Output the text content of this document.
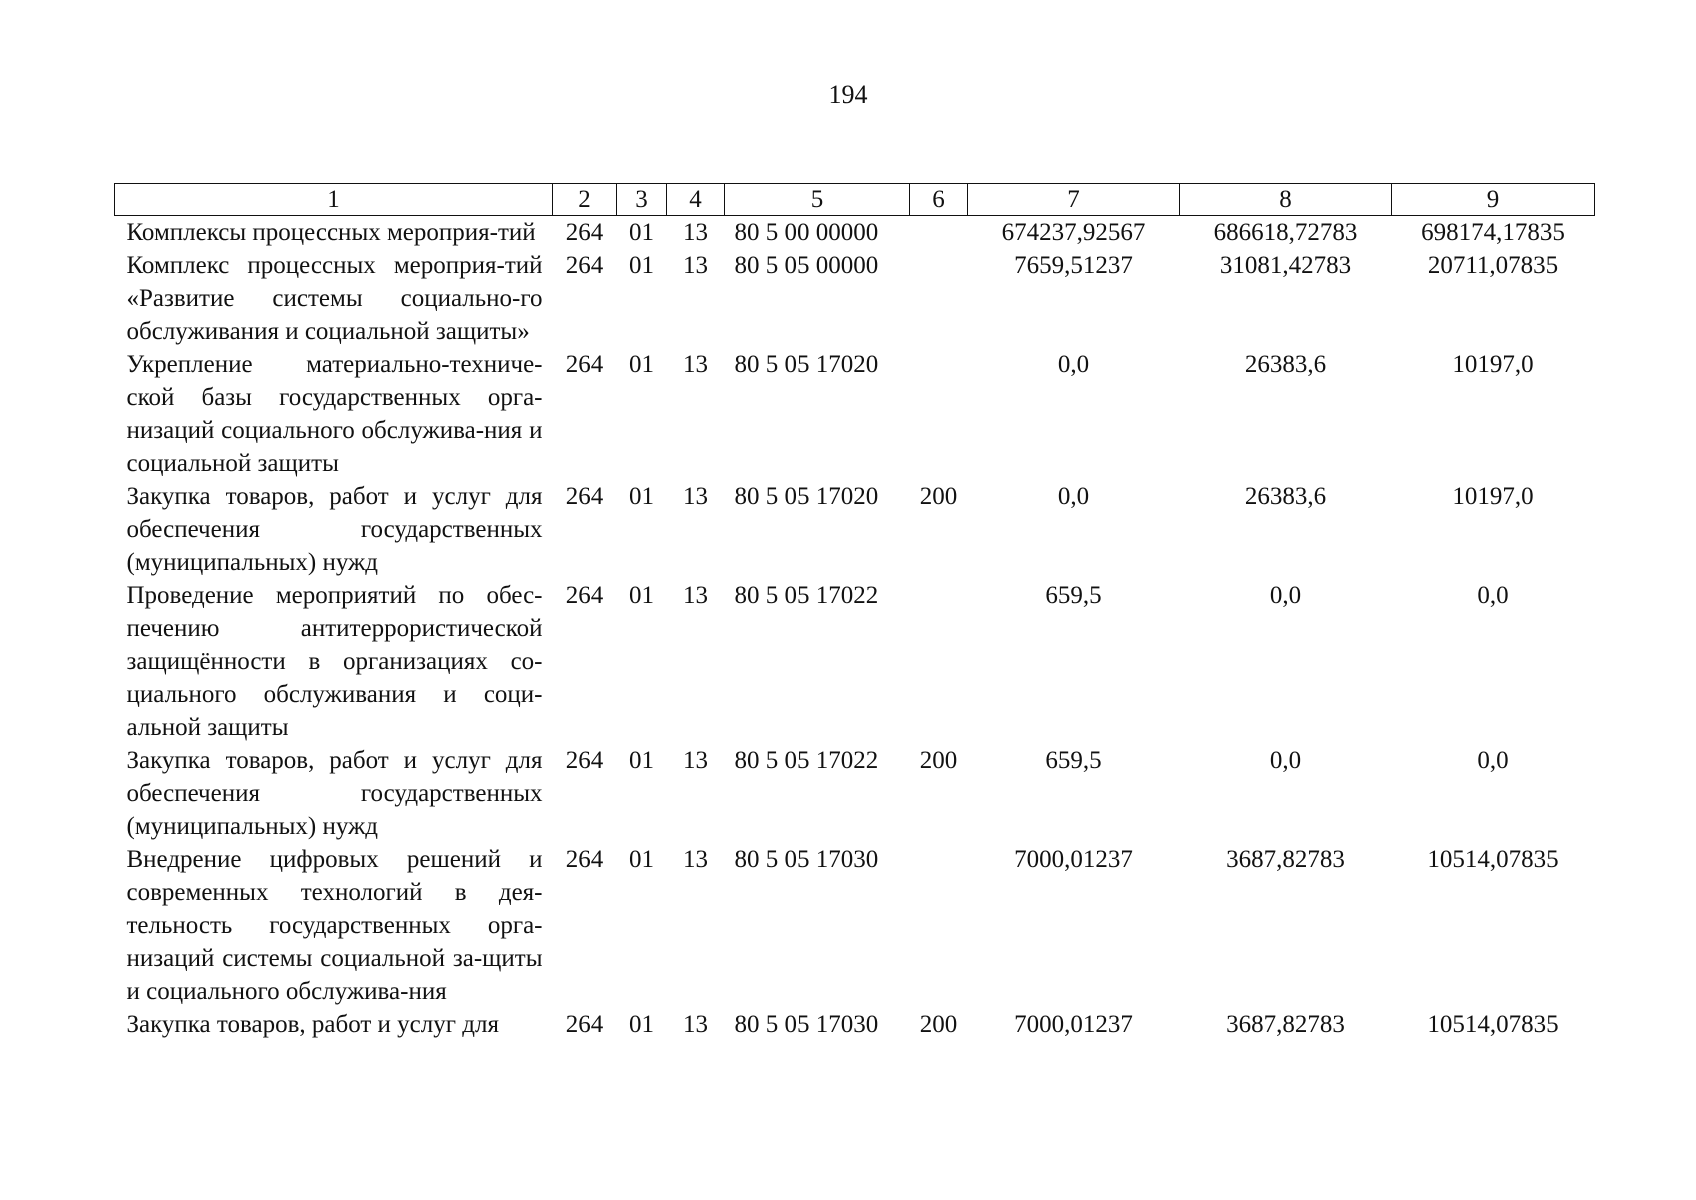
194
1	2	3	4	5	6	7	8	9
Комплексы процессных мероприя-тий	264	01	13	80 5 00 00000		674237,92567	686618,72783	698174,17835
Комплекс процессных мероприя-тий «Развитие системы социально-го обслуживания и социальной защиты»	264	01	13	80 5 05 00000		7659,51237	31081,42783	20711,07835
Укрепление материально-техниче-ской базы государственных орга-низаций социального обслужива-ния и социальной защиты	264	01	13	80 5 05 17020		0,0	26383,6	10197,0
Закупка товаров, работ и услуг для обеспечения государственных (муниципальных) нужд	264	01	13	80 5 05 17020	200	0,0	26383,6	10197,0
Проведение мероприятий по обес-печению антитеррористической защищённости в организациях со-циального обслуживания и соци-альной защиты	264	01	13	80 5 05 17022		659,5	0,0	0,0
Закупка товаров, работ и услуг для обеспечения государственных (муниципальных) нужд	264	01	13	80 5 05 17022	200	659,5	0,0	0,0
Внедрение цифровых решений и современных технологий в дея-тельность государственных орга-низаций системы социальной за-щиты и социального обслужива-ния	264	01	13	80 5 05 17030		7000,01237	3687,82783	10514,07835
Закупка товаров, работ и услуг для	264	01	13	80 5 05 17030	200	7000,01237	3687,82783	10514,07835
